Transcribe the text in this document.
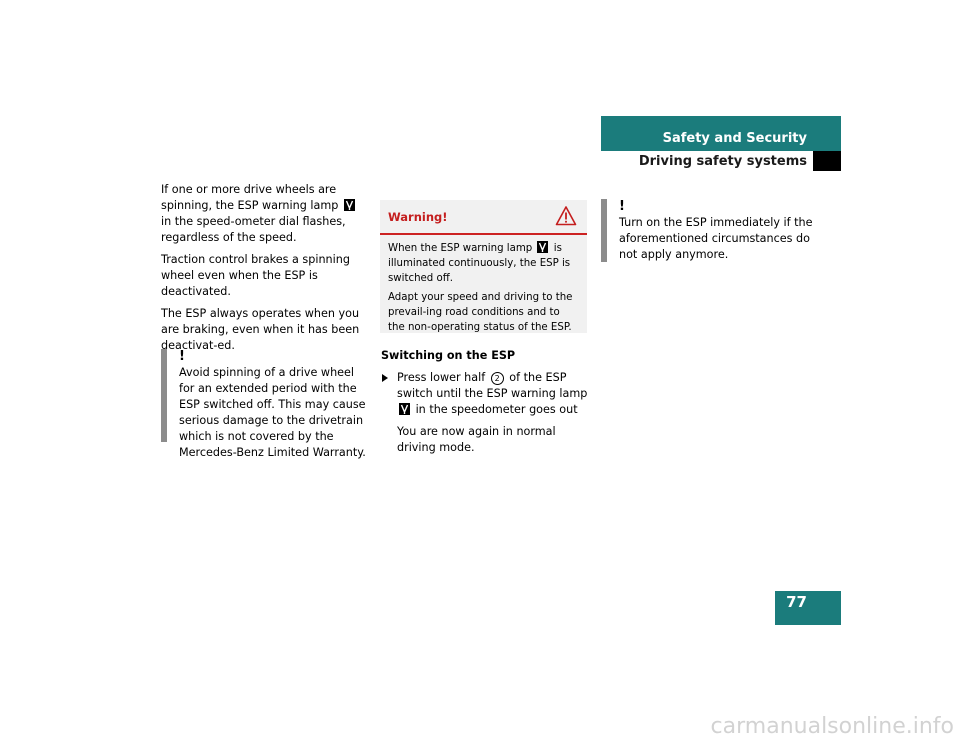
Safety and Security
Driving safety systems

If one or more drive wheels are spinning, the ESP warning lamp
in the speed-ometer dial flashes, regardless of the speed.

Traction control brakes a spinning wheel even when the ESP is deactivated.

The ESP always operates when you are braking, even when it has been deactivat-ed.

!

Avoid spinning of a drive wheel for an extended period with the ESP switched off. This may cause serious damage to the drivetrain which is not covered by the Mercedes-Benz Limited Warranty.

Warning!

When the ESP warning lamp is illuminated continuously, the ESP is switched off.

Adapt your speed and driving to the prevail-ing road conditions and to the non-operating status of the ESP.

Switching on the ESP

Press lower half 2 of the ESP switch until the ESP warning lamp
in the speedometer goes out

You are now again in normal driving mode.

!

Turn on the ESP immediately if the aforementioned circumstances do not apply anymore.

77
carmanualsonline.info
